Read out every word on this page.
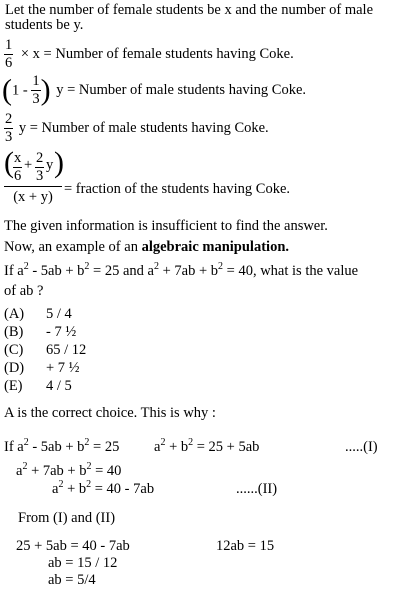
Let the number of female students be x and the number of male
students be y.
$\frac{1}{6} \times x$ = Number of female students having Coke.
($1 - \frac{1}{3}$ ) y = Number of male students having Coke.
$\frac{2}{3}$ y = Number of male students having Coke.
( $\frac{x}{6} + \frac{2}{3}$ y )
(x + y) = fraction of the students having Coke.
The given information is insufficient to find the answer.
Now, an example of an algebraic manipulation.
If $a^2 - 5ab + b^2 = 25$ and $a^2 + 7ab + b^2 = 40$, what is the value
of ab ?
(A) 5 / 4
(B) - 7 ½
(C) 65 / 12
(D) + 7 ½
(E) 4 / 5
A is the correct choice. This is why :
If $a^2 - 5ab + b^2 = 25$ $a^2 + b^2 = 25 + 5ab$	.....(I)
$a^2 + 7ab + b^2 = 40$
$a^2 + b^2 = 40 - 7ab$	......(II)
From (I) and (II)
25 + 5ab = 40 - 7ab	12ab = 15
ab = 15 / 12
ab = 5/4
